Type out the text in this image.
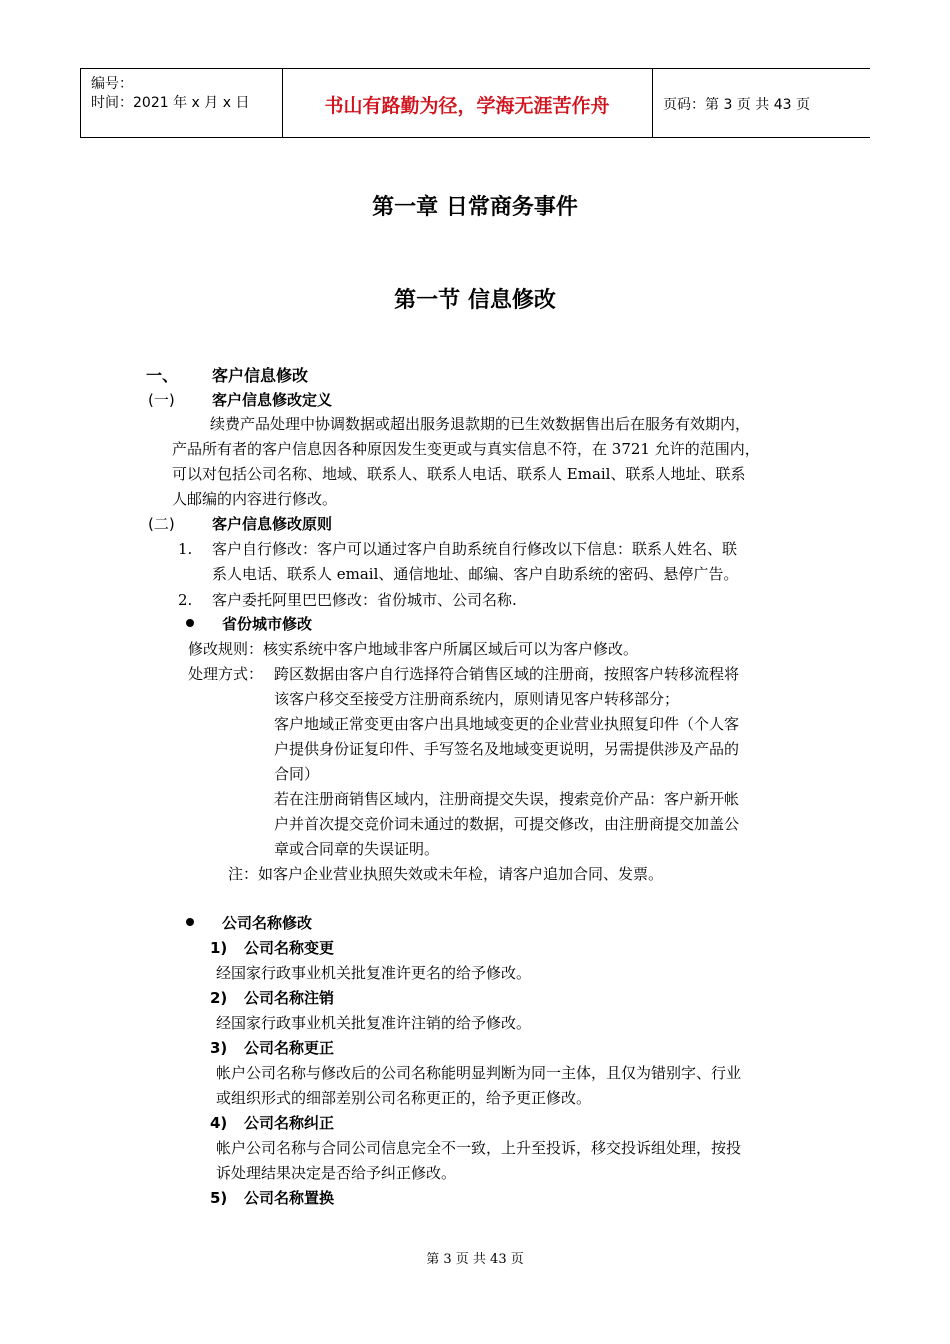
编号：
时间：2021 年 x 月 x 日	书山有路勤为径，学海无涯苦作舟	页码：第 3 页 共 43 页
第一章 日常商务事件
第一节 信息修改
一、 客户信息修改
(一) 客户信息修改定义
续费产品处理中协调数据或超出服务退款期的已生效数据售出后在服务有效期内，
产品所有者的客户信息因各种原因发生变更或与真实信息不符，在 3721 允许的范围内，
可以对包括公司名称、地域、联系人、联系人电话、联系人 Email、联系人地址、联系
人邮编的内容进行修改。
(二) 客户信息修改原则
1. 客户自行修改：客户可以通过客户自助系统自行修改以下信息：联系人姓名、联
系人电话、联系人 email、通信地址、邮编、客户自助系统的密码、悬停广告。
2. 客户委托阿里巴巴修改：省份城市、公司名称.
省份城市修改
修改规则：核实系统中客户地域非客户所属区域后可以为客户修改。
处理方式： 跨区数据由客户自行选择符合销售区域的注册商，按照客户转移流程将
该客户移交至接受方注册商系统内，原则请见客户转移部分；
客户地域正常变更由客户出具地域变更的企业营业执照复印件（个人客
户提供身份证复印件、手写签名及地域变更说明，另需提供涉及产品的
合同）
若在注册商销售区域内，注册商提交失误，搜索竞价产品：客户新开帐
户并首次提交竞价词未通过的数据，可提交修改，由注册商提交加盖公
章或合同章的失误证明。
注：如客户企业营业执照失效或未年检，请客户追加合同、发票。
公司名称修改
1) 公司名称变更
经国家行政事业机关批复准许更名的给予修改。
2) 公司名称注销
经国家行政事业机关批复准许注销的给予修改。
3) 公司名称更正
帐户公司名称与修改后的公司名称能明显判断为同一主体，且仅为错别字、行业
或组织形式的细部差别公司名称更正的，给予更正修改。
4) 公司名称纠正
帐户公司名称与合同公司信息完全不一致，上升至投诉，移交投诉组处理，按投
诉处理结果决定是否给予纠正修改。
5) 公司名称置换
第 3 页 共 43 页
